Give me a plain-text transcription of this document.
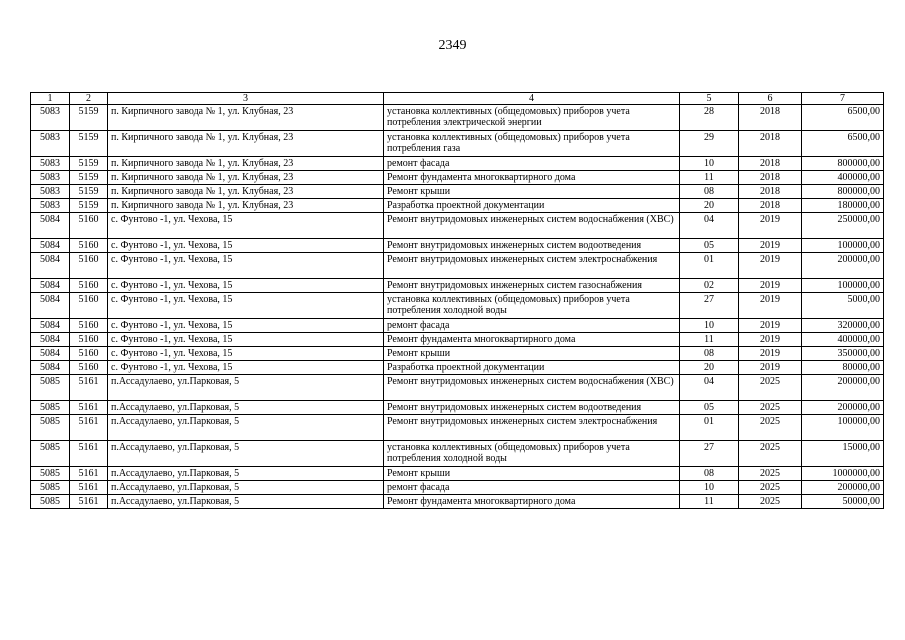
2349
1	2	3	4	5	6	7
5083	5159	п. Кирпичного завода № 1, ул. Клубная, 23	установка коллективных (общедомовых) приборов учета потребления электрической энергии	28	2018	6500,00
5083	5159	п. Кирпичного завода № 1, ул. Клубная, 23	установка коллективных (общедомовых) приборов учета потребления газа	29	2018	6500,00
5083	5159	п. Кирпичного завода № 1, ул. Клубная, 23	ремонт фасада	10	2018	800000,00
5083	5159	п. Кирпичного завода № 1, ул. Клубная, 23	Ремонт фундамента многоквартирного дома	11	2018	400000,00
5083	5159	п. Кирпичного завода № 1, ул. Клубная, 23	Ремонт крыши	08	2018	800000,00
5083	5159	п. Кирпичного завода № 1, ул. Клубная, 23	Разработка проектной документации	20	2018	180000,00
5084	5160	с. Фунтово -1, ул. Чехова, 15	Ремонт внутридомовых инженерных систем водоснабжения (ХВС)	04	2019	250000,00
5084	5160	с. Фунтово -1, ул. Чехова, 15	Ремонт внутридомовых инженерных систем водоотведения	05	2019	100000,00
5084	5160	с. Фунтово -1, ул. Чехова, 15	Ремонт внутридомовых инженерных систем электроснабжения	01	2019	200000,00
5084	5160	с. Фунтово -1, ул. Чехова, 15	Ремонт внутридомовых инженерных систем газоснабжения	02	2019	100000,00
5084	5160	с. Фунтово -1, ул. Чехова, 15	установка коллективных (общедомовых) приборов учета потребления холодной воды	27	2019	5000,00
5084	5160	с. Фунтово -1, ул. Чехова, 15	ремонт фасада	10	2019	320000,00
5084	5160	с. Фунтово -1, ул. Чехова, 15	Ремонт фундамента многоквартирного дома	11	2019	400000,00
5084	5160	с. Фунтово -1, ул. Чехова, 15	Ремонт крыши	08	2019	350000,00
5084	5160	с. Фунтово -1, ул. Чехова, 15	Разработка проектной документации	20	2019	80000,00
5085	5161	п.Ассадулаево, ул.Парковая, 5	Ремонт внутридомовых инженерных систем водоснабжения (ХВС)	04	2025	200000,00
5085	5161	п.Ассадулаево, ул.Парковая, 5	Ремонт внутридомовых инженерных систем водоотведения	05	2025	200000,00
5085	5161	п.Ассадулаево, ул.Парковая, 5	Ремонт внутридомовых инженерных систем электроснабжения	01	2025	100000,00
5085	5161	п.Ассадулаево, ул.Парковая, 5	установка коллективных (общедомовых) приборов учета потребления холодной воды	27	2025	15000,00
5085	5161	п.Ассадулаево, ул.Парковая, 5	Ремонт крыши	08	2025	1000000,00
5085	5161	п.Ассадулаево, ул.Парковая, 5	ремонт фасада	10	2025	200000,00
5085	5161	п.Ассадулаево, ул.Парковая, 5	Ремонт фундамента многоквартирного дома	11	2025	50000,00
